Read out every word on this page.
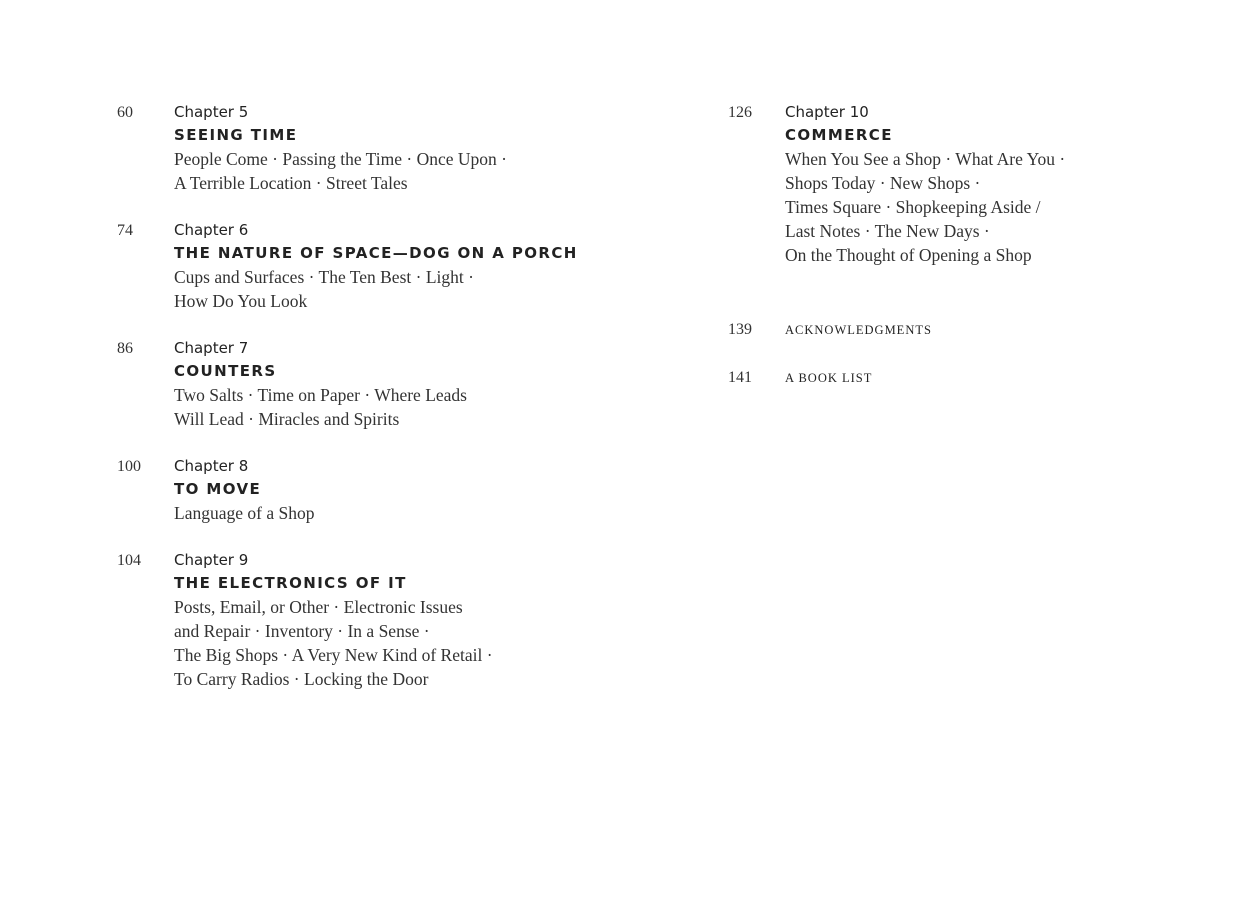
60	Chapter 5
SEEING TIME
People Come · Passing the Time · Once Upon ·
A Terrible Location · Street Tales
74	Chapter 6
THE NATURE OF SPACE—DOG ON A PORCH
Cups and Surfaces · The Ten Best · Light ·
How Do You Look
86	Chapter 7
COUNTERS
Two Salts · Time on Paper · Where Leads
Will Lead · Miracles and Spirits
100	Chapter 8
TO MOVE
Language of a Shop
104	Chapter 9
THE ELECTRONICS OF IT
Posts, Email, or Other · Electronic Issues
and Repair · Inventory · In a Sense ·
The Big Shops · A Very New Kind of Retail ·
To Carry Radios · Locking the Door
126	Chapter 10
COMMERCE
When You See a Shop · What Are You ·
Shops Today · New Shops ·
Times Square · Shopkeeping Aside /
Last Notes · The New Days ·
On the Thought of Opening a Shop
139	ACKNOWLEDGMENTS
141	A BOOK LIST
